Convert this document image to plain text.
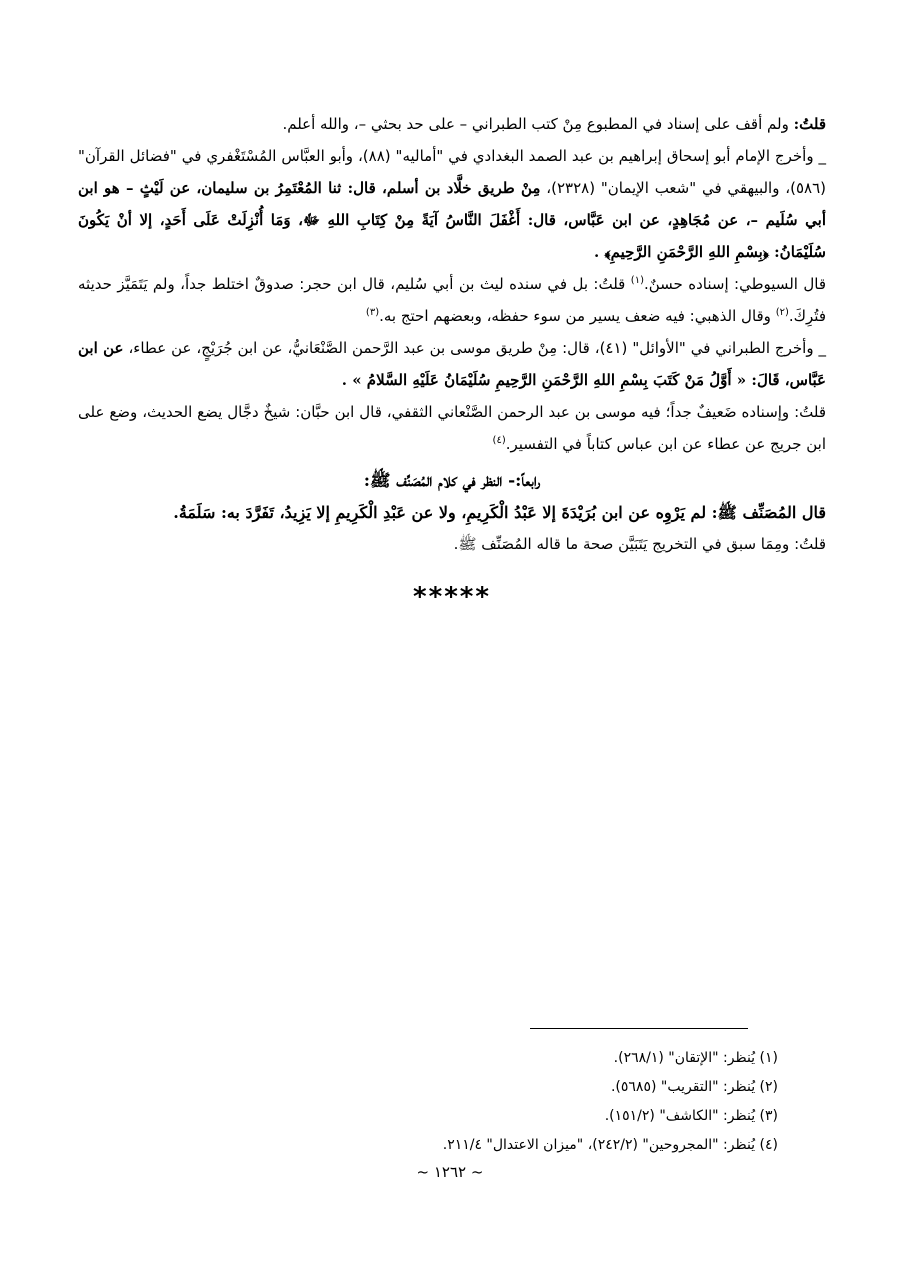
قلتُ: ولم أقف على إسناد في المطبوع مِنْ كتب الطبراني – على حد بحثي –، والله أعلم.

_ وأخرج الإمام أبو إسحاق إبراهيم بن عبد الصمد البغدادي في "أماليه" (٨٨)، وأبو العبَّاس المُسْتَغْفري في "فضائل القرآن" (٥٨٦)، والبيهقي في "شعب الإيمان" (٢٣٢٨)، مِنْ طريق خلَّاد بن أسلم، قال: ثنا المُعْتَمِرُ بن سليمان، عن لَيْثٍ – هو ابن أبي سُلَيم –، عن مُجَاهِدٍ، عن ابن عَبَّاس، قال: أَغْفَلَ النَّاسُ آيَةً مِنْ كِتَابِ اللهِ ﷻ، وَمَا أُنْزِلَتْ عَلَى أَحَدٍ، إلا أنْ يَكُونَ سُلَيْمَانُ: ﴿بِسْمِ اللهِ الرَّحْمَنِ الرَّحِيمِ﴾ .

قال السيوطي: إسناده حسنٌ.$^{(١)}$ قلتُ: بل في سنده ليث بن أبي سُليم، قال ابن حجر: صدوقٌ اختلط جداً، ولم يَتَمَيَّز حديثه فتُرِكَ.$^{(٢)}$ وقال الذهبي: فيه ضعف يسير من سوء حفظه، وبعضهم احتج به.$^{(٣)}$

_ وأخرج الطبراني في "الأوائل" (٤١)، قال: مِنْ طريق موسى بن عبد الرَّحمن الصَّنْعَانيُّ، عن ابن جُرَيْجٍ، عن عطاء، عن ابن عَبَّاس، قَالَ: « أَوَّلُ مَنْ كَتَبَ بِسْمِ اللهِ الرَّحْمَنِ الرَّحِيمِ سُلَيْمَانُ عَلَيْهِ السَّلامُ » .

قلتُ: وإسناده ضَعيفٌ جداً؛ فيه موسى بن عبد الرحمن الصَّنْعاني الثقفي، قال ابن حبَّان: شيخٌ دجَّال يضع الحديث، وضع على ابن جريج عن عطاء عن ابن عباس كتاباً في التفسير.$^{(٤)}$

رابعاً:- النظر في كلام المُصَنِّف ﷺ:

قال المُصَنِّف ﷺ: لم يَرْوِه عن ابن بُرَيْدَةَ إلا عَبْدُ الْكَرِيمِ، ولا عن عَبْدِ الْكَرِيمِ إلا يَزِيدُ، تَفَرَّدَ به: سَلَمَةُ.

قلتُ: ومِمَا سبق في التخريج يَتَبَيَّن صحة ما قاله المُصَنِّف ﷺ.

*****
(١) يُنظر: "الإتقان" (٢٦٨/١).
(٢) يُنظر: "التقريب" (٥٦٨٥).
(٣) يُنظر: "الكاشف" (١٥١/٢).
(٤) يُنظر: "المجروحين" (٢٤٢/٢)، "ميزان الاعتدال" ٢١١/٤.
~ ١٢٦٢ ~
